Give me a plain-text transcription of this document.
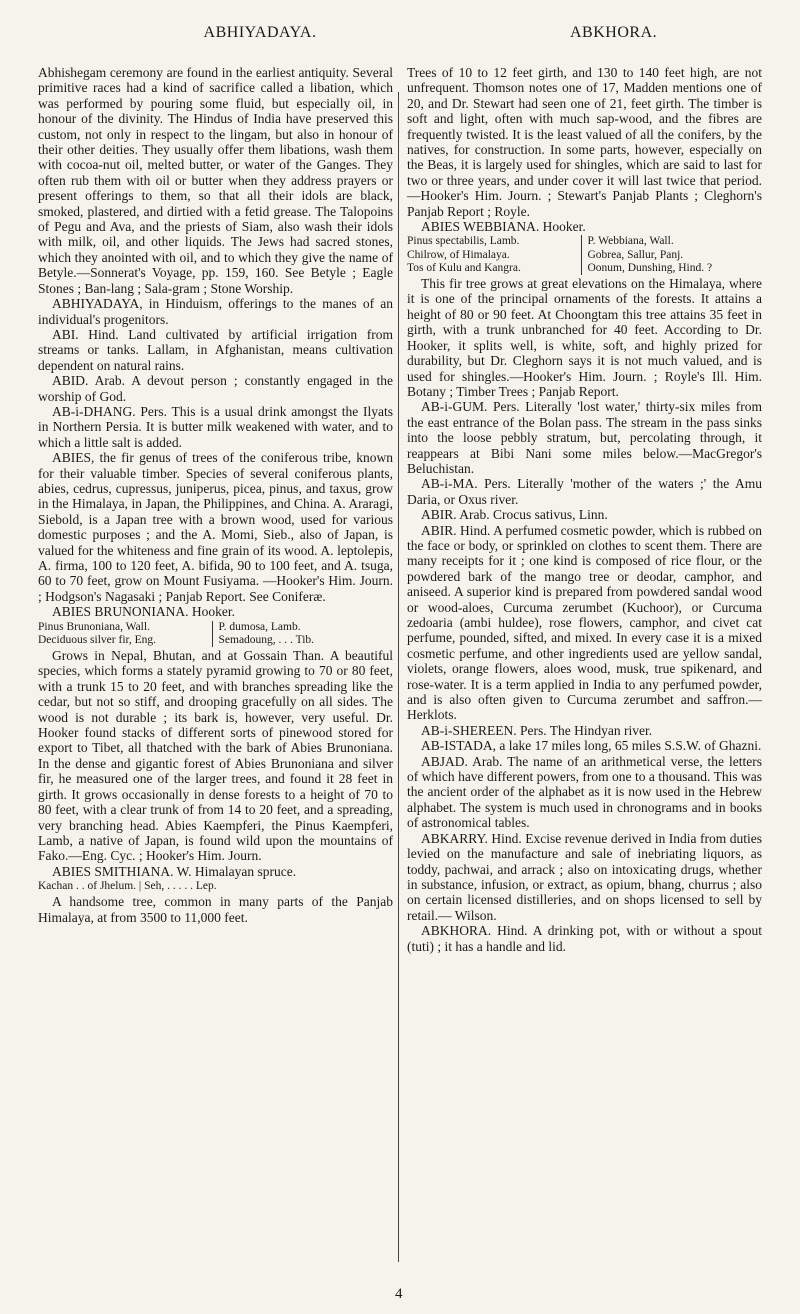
ABHIYADAYA.	ABKHORA.

Abhishegam ceremony are found in the earliest antiquity. Several primitive races had a kind of sacrifice called a libation, which was performed by pouring some fluid, but especially oil, in honour of the divinity. The Hindus of India have preserved this custom, not only in respect to the lingam, but also in honour of their other deities. They usually offer them libations, wash them with cocoa-nut oil, melted butter, or water of the Ganges. They often rub them with oil or butter when they address prayers or present offerings to them, so that all their idols are black, smoked, plastered, and dirtied with a fetid grease. The Talopoins of Pegu and Ava, and the priests of Siam, also wash their idols with milk, oil, and other liquids. The Jews had sacred stones, which they anointed with oil, and to which they give the name of Betyle.—Sonnerat's Voyage, pp. 159, 160. See Betyle ; Eagle Stones ; Ban-lang ; Sala-gram ; Stone Worship.

ABHIYADAYA, in Hinduism, offerings to the manes of an individual's progenitors.

ABI. Hind. Land cultivated by artificial irrigation from streams or tanks. Lallam, in Afghanistan, means cultivation dependent on natural rains.

ABID. Arab. A devout person ; constantly engaged in the worship of God.

AB-i-DHANG. Pers. This is a usual drink amongst the Ilyats in Northern Persia. It is butter milk weakened with water, and to which a little salt is added.

ABIES, the fir genus of trees of the coniferous tribe, known for their valuable timber. Species of several coniferous plants, abies, cedrus, cupressus, juniperus, picea, pinus, and taxus, grow in the Himalaya, in Japan, the Philippines, and China. A. Araragi, Siebold, is a Japan tree with a brown wood, used for various domestic purposes ; and the A. Momi, Sieb., also of Japan, is valued for the whiteness and fine grain of its wood. A. leptolepis, A. firma, 100 to 120 feet, A. bifida, 90 to 100 feet, and A. tsuga, 60 to 70 feet, grow on Mount Fusiyama. —Hooker's Him. Journ. ; Hodgson's Nagasaki ; Panjab Report. See Coniferæ.

ABIES BRUNONIANA. Hooker.

Pinus Brunoniana, Wall.	P. dumosa, Lamb.
Deciduous silver fir, Eng.	Semadoung, . . . Tib.

Grows in Nepal, Bhutan, and at Gossain Than. A beautiful species, which forms a stately pyramid growing to 70 or 80 feet, with a trunk 15 to 20 feet, and with branches spreading like the cedar, but not so stiff, and drooping gracefully on all sides. The wood is not durable ; its bark is, however, very useful. Dr. Hooker found stacks of different sorts of pinewood stored for export to Tibet, all thatched with the bark of Abies Brunoniana. In the dense and gigantic forest of Abies Brunoniana and silver fir, he measured one of the larger trees, and found it 28 feet in girth. It grows occasionally in dense forests to a height of 70 to 80 feet, with a clear trunk of from 14 to 20 feet, and a spreading, very branching head. Abies Kaempferi, the Pinus Kaempferi, Lamb, a native of Japan, is found wild upon the mountains of Fako.—Eng. Cyc. ; Hooker's Him. Journ.

ABIES SMITHIANA. W. Himalayan spruce.

Kachan . . of Jhelum. | Seh, . . . . . Lep.

A handsome tree, common in many parts of the Panjab Himalaya, at from 3500 to 11,000 feet.

Trees of 10 to 12 feet girth, and 130 to 140 feet high, are not unfrequent. Thomson notes one of 17, Madden mentions one of 20, and Dr. Stewart had seen one of 21, feet girth. The timber is soft and light, often with much sap-wood, and the fibres are frequently twisted. It is the least valued of all the conifers, by the natives, for construction. In some parts, however, especially on the Beas, it is largely used for shingles, which are said to last for two or three years, and under cover it will last twice that period.—Hooker's Him. Journ. ; Stewart's Panjab Plants ; Cleghorn's Panjab Report ; Royle.

ABIES WEBBIANA. Hooker.

Pinus spectabilis, Lamb.	P. Webbiana, Wall.
Chilrow, of Himalaya.	Gobrea, Sallur, Panj.
Tos of Kulu and Kangra.	Oonum, Dunshing, Hind. ?

This fir tree grows at great elevations on the Himalaya, where it is one of the principal ornaments of the forests. It attains a height of 80 or 90 feet. At Choongtam this tree attains 35 feet in girth, with a trunk unbranched for 40 feet. According to Dr. Hooker, it splits well, is white, soft, and highly prized for durability, but Dr. Cleghorn says it is not much valued, and is used for shingles.—Hooker's Him. Journ. ; Royle's Ill. Him. Botany ; Timber Trees ; Panjab Report.

AB-i-GUM. Pers. Literally 'lost water,' thirty-six miles from the east entrance of the Bolan pass. The stream in the pass sinks into the loose pebbly stratum, but, percolating through, it reappears at Bibi Nani some miles below.—MacGregor's Beluchistan.

AB-i-MA. Pers. Literally 'mother of the waters ;' the Amu Daria, or Oxus river.

ABIR. Arab. Crocus sativus, Linn.

ABIR. Hind. A perfumed cosmetic powder, which is rubbed on the face or body, or sprinkled on clothes to scent them. There are many receipts for it ; one kind is composed of rice flour, or the powdered bark of the mango tree or deodar, camphor, and aniseed. A superior kind is prepared from powdered sandal wood or wood-aloes, Curcuma zerumbet (Kuchoor), or Curcuma zedoaria (ambi huldee), rose flowers, camphor, and civet cat perfume, pounded, sifted, and mixed. In every case it is a mixed cosmetic perfume, and other ingredients used are yellow sandal, violets, orange flowers, aloes wood, musk, true spikenard, and rose-water. It is a term applied in India to any perfumed powder, and is also often given to Curcuma zerumbet and saffron.— Herklots.

AB-i-SHEREEN. Pers. The Hindyan river.

AB-ISTADA, a lake 17 miles long, 65 miles S.S.W. of Ghazni.

ABJAD. Arab. The name of an arithmetical verse, the letters of which have different powers, from one to a thousand. This was the ancient order of the alphabet as it is now used in the Hebrew alphabet. The system is much used in chronograms and in books of astronomical tables.

ABKARRY. Hind. Excise revenue derived in India from duties levied on the manufacture and sale of inebriating liquors, as toddy, pachwai, and arrack ; also on intoxicating drugs, whether in substance, infusion, or extract, as opium, bhang, churrus ; also on certain licensed distilleries, and on shops licensed to sell by retail.— Wilson.

ABKHORA. Hind. A drinking pot, with or without a spout (tuti) ; it has a handle and lid.

4
